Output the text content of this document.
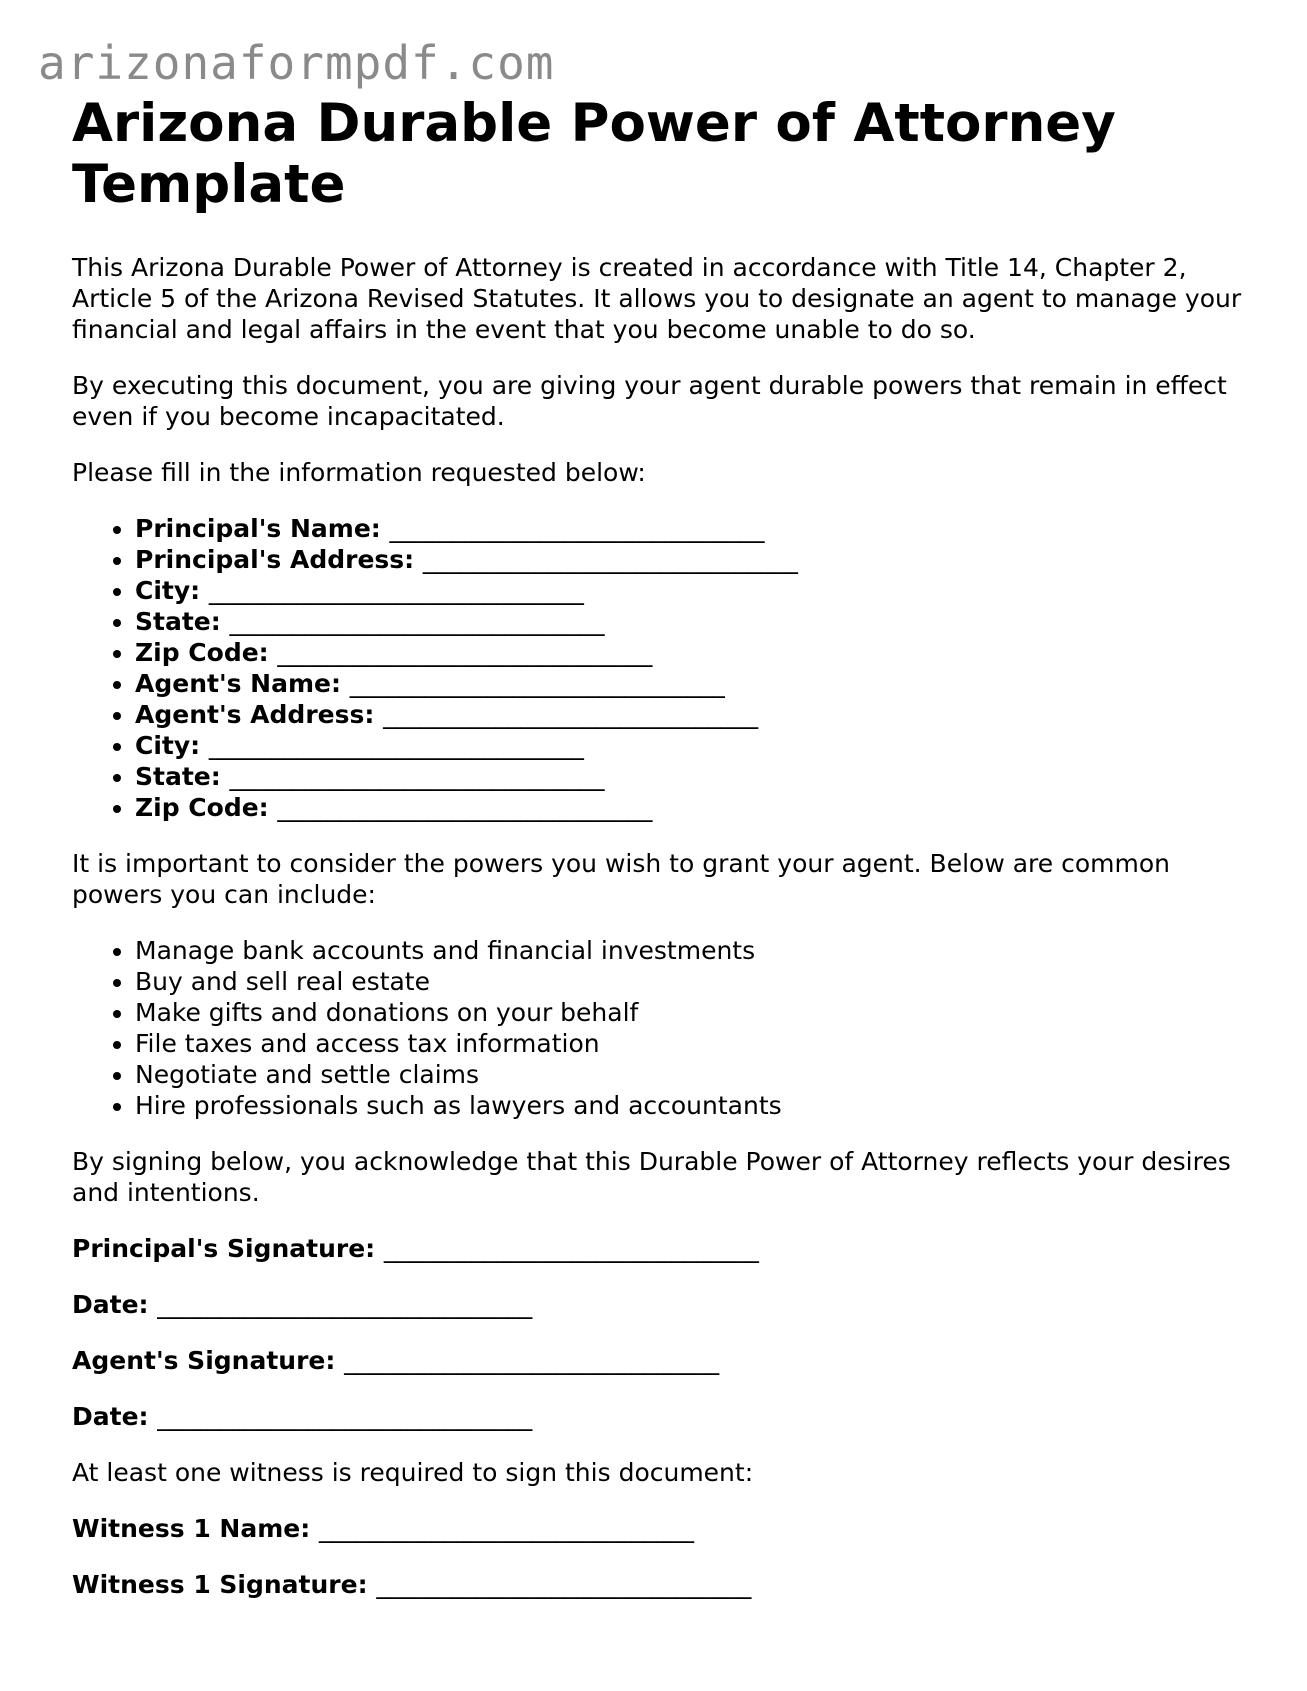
arizonaformpdf.com
Arizona Durable Power of Attorney Template

This Arizona Durable Power of Attorney is created in accordance with Title 14, Chapter 2, Article 5 of the Arizona Revised Statutes. It allows you to designate an agent to manage your financial and legal affairs in the event that you become unable to do so.

By executing this document, you are giving your agent durable powers that remain in effect even if you become incapacitated.

Please fill in the information requested below:

• Principal's Name: ______________________________
• Principal's Address: ______________________________
• City: ______________________________
• State: ______________________________
• Zip Code: ______________________________
• Agent's Name: ______________________________
• Agent's Address: ______________________________
• City: ______________________________
• State: ______________________________
• Zip Code: ______________________________

It is important to consider the powers you wish to grant your agent. Below are common powers you can include:

• Manage bank accounts and financial investments
• Buy and sell real estate
• Make gifts and donations on your behalf
• File taxes and access tax information
• Negotiate and settle claims
• Hire professionals such as lawyers and accountants

By signing below, you acknowledge that this Durable Power of Attorney reflects your desires and intentions.

Principal's Signature: ______________________________
Date: ______________________________
Agent's Signature: ______________________________
Date: ______________________________

At least one witness is required to sign this document:

Witness 1 Name: ______________________________
Witness 1 Signature: ______________________________
